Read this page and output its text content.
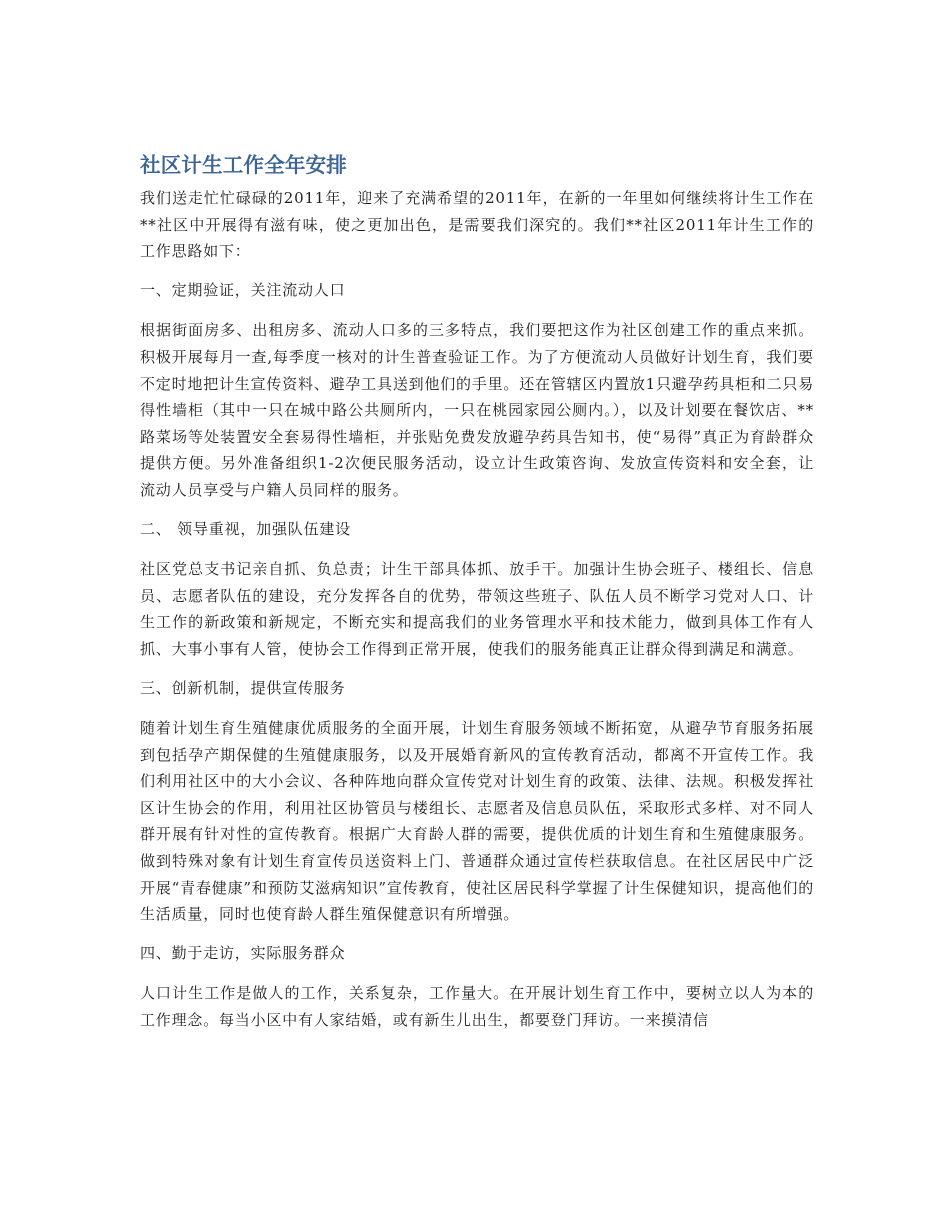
社区计生工作全年安排

我们送走忙忙碌碌的2011年，迎来了充满希望的2011年，在新的一年里如何继续将计生工作在**社区中开展得有滋有味，使之更加出色，是需要我们深究的。我们**社区2011年计生工作的工作思路如下：

一、定期验证，关注流动人口

根据街面房多、出租房多、流动人口多的三多特点，我们要把这作为社区创建工作的重点来抓。积极开展每月一查,每季度一核对的计生普查验证工作。为了方便流动人员做好计划生育，我们要不定时地把计生宣传资料、避孕工具送到他们的手里。还在管辖区内置放1只避孕药具柜和二只易得性墙柜（其中一只在城中路公共厕所内，一只在桃园家园公厕内。），以及计划要在餐饮店、**路菜场等处装置安全套易得性墙柜，并张贴免费发放避孕药具告知书，使“易得”真正为育龄群众提供方便。另外准备组织1-2次便民服务活动，设立计生政策咨询、发放宣传资料和安全套，让流动人员享受与户籍人员同样的服务。

二、 领导重视，加强队伍建设

社区党总支书记亲自抓、负总责；计生干部具体抓、放手干。加强计生协会班子、楼组长、信息员、志愿者队伍的建设，充分发挥各自的优势，带领这些班子、队伍人员不断学习党对人口、计生工作的新政策和新规定，不断充实和提高我们的业务管理水平和技术能力，做到具体工作有人抓、大事小事有人管，使协会工作得到正常开展，使我们的服务能真正让群众得到满足和满意。

三、创新机制，提供宣传服务

随着计划生育生殖健康优质服务的全面开展，计划生育服务领域不断拓宽，从避孕节育服务拓展到包括孕产期保健的生殖健康服务，以及开展婚育新风的宣传教育活动，都离不开宣传工作。我们利用社区中的大小会议、各种阵地向群众宣传党对计划生育的政策、法律、法规。积极发挥社区计生协会的作用，利用社区协管员与楼组长、志愿者及信息员队伍，采取形式多样、对不同人群开展有针对性的宣传教育。根据广大育龄人群的需要，提供优质的计划生育和生殖健康服务。做到特殊对象有计划生育宣传员送资料上门、普通群众通过宣传栏获取信息。在社区居民中广泛开展“青春健康”和预防艾滋病知识”宣传教育，使社区居民科学掌握了计生保健知识，提高他们的生活质量，同时也使育龄人群生殖保健意识有所增强。

四、勤于走访，实际服务群众

人口计生工作是做人的工作，关系复杂，工作量大。在开展计划生育工作中，要树立以人为本的工作理念。每当小区中有人家结婚，或有新生儿出生，都要登门拜访。一来摸清信
